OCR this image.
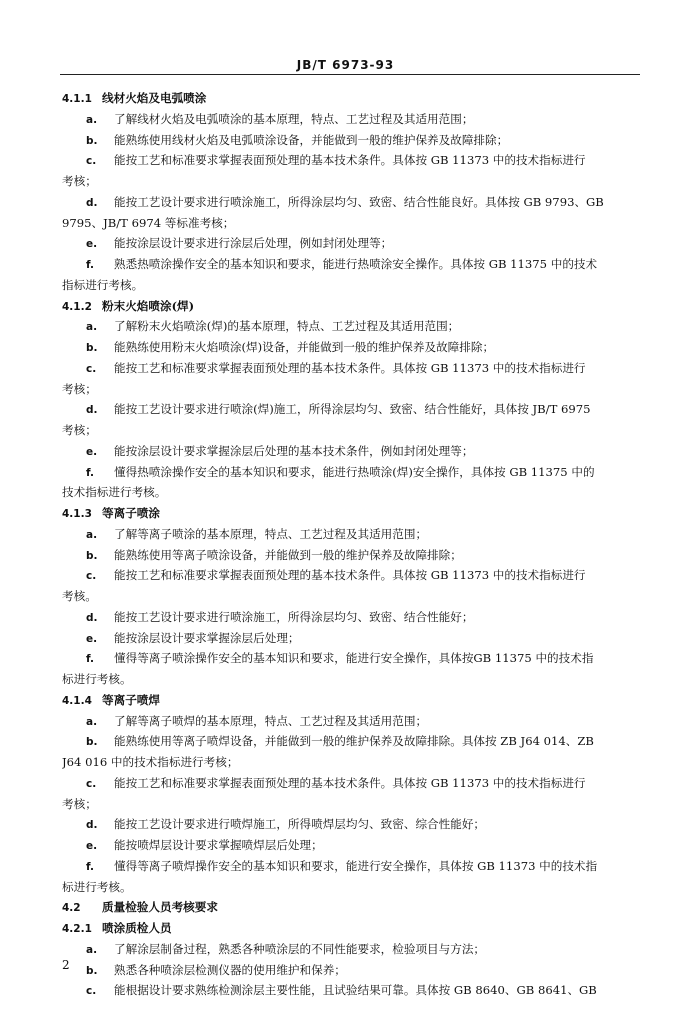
JB/T 6973-93
4.1.1 线材火焰及电弧喷涂
a. 了解线材火焰及电弧喷涂的基本原理，特点、工艺过程及其适用范围；
b. 能熟练使用线材火焰及电弧喷涂设备，并能做到一般的维护保养及故障排除；
c. 能按工艺和标准要求掌握表面预处理的基本技术条件。具体按 GB 11373 中的技术指标进行
考核；
d. 能按工艺设计要求进行喷涂施工，所得涂层均匀、致密、结合性能良好。具体按 GB 9793、GB
9795、JB/T 6974 等标准考核；
e. 能按涂层设计要求进行涂层后处理，例如封闭处理等；
f. 熟悉热喷涂操作安全的基本知识和要求，能进行热喷涂安全操作。具体按 GB 11375 中的技术
指标进行考核。
4.1.2 粉末火焰喷涂(焊)
a. 了解粉末火焰喷涂(焊)的基本原理，特点、工艺过程及其适用范围；
b. 能熟练使用粉末火焰喷涂(焊)设备，并能做到一般的维护保养及故障排除；
c. 能按工艺和标准要求掌握表面预处理的基本技术条件。具体按 GB 11373 中的技术指标进行
考核；
d. 能按工艺设计要求进行喷涂(焊)施工，所得涂层均匀、致密、结合性能好，具体按 JB/T 6975
考核；
e. 能按涂层设计要求掌握涂层后处理的基本技术条件，例如封闭处理等；
f. 懂得热喷涂操作安全的基本知识和要求，能进行热喷涂(焊)安全操作，具体按 GB 11375 中的
技术指标进行考核。
4.1.3 等离子喷涂
a. 了解等离子喷涂的基本原理，特点、工艺过程及其适用范围；
b. 能熟练使用等离子喷涂设备，并能做到一般的维护保养及故障排除；
c. 能按工艺和标准要求掌握表面预处理的基本技术条件。具体按 GB 11373 中的技术指标进行
考核。
d. 能按工艺设计要求进行喷涂施工，所得涂层均匀、致密、结合性能好；
e. 能按涂层设计要求掌握涂层后处理；
f. 懂得等离子喷涂操作安全的基本知识和要求，能进行安全操作，具体按GB 11375 中的技术指
标进行考核。
4.1.4 等离子喷焊
a. 了解等离子喷焊的基本原理，特点、工艺过程及其适用范围；
b. 能熟练使用等离子喷焊设备，并能做到一般的维护保养及故障排除。具体按 ZB J64 014、ZB
J64 016 中的技术指标进行考核；
c. 能按工艺和标准要求掌握表面预处理的基本技术条件。具体按 GB 11373 中的技术指标进行
考核；
d. 能按工艺设计要求进行喷焊施工，所得喷焊层均匀、致密、综合性能好；
e. 能按喷焊层设计要求掌握喷焊层后处理；
f. 懂得等离子喷焊操作安全的基本知识和要求，能进行安全操作，具体按 GB 11373 中的技术指
标进行考核。
4.2 质量检验人员考核要求
4.2.1 喷涂质检人员
a. 了解涂层制备过程，熟悉各种喷涂层的不同性能要求，检验项目与方法；
b. 熟悉各种喷涂层检测仪器的使用维护和保养；
c. 能根据设计要求熟练检测涂层主要性能，且试验结果可靠。具体按 GB 8640、GB 8641、GB
2
